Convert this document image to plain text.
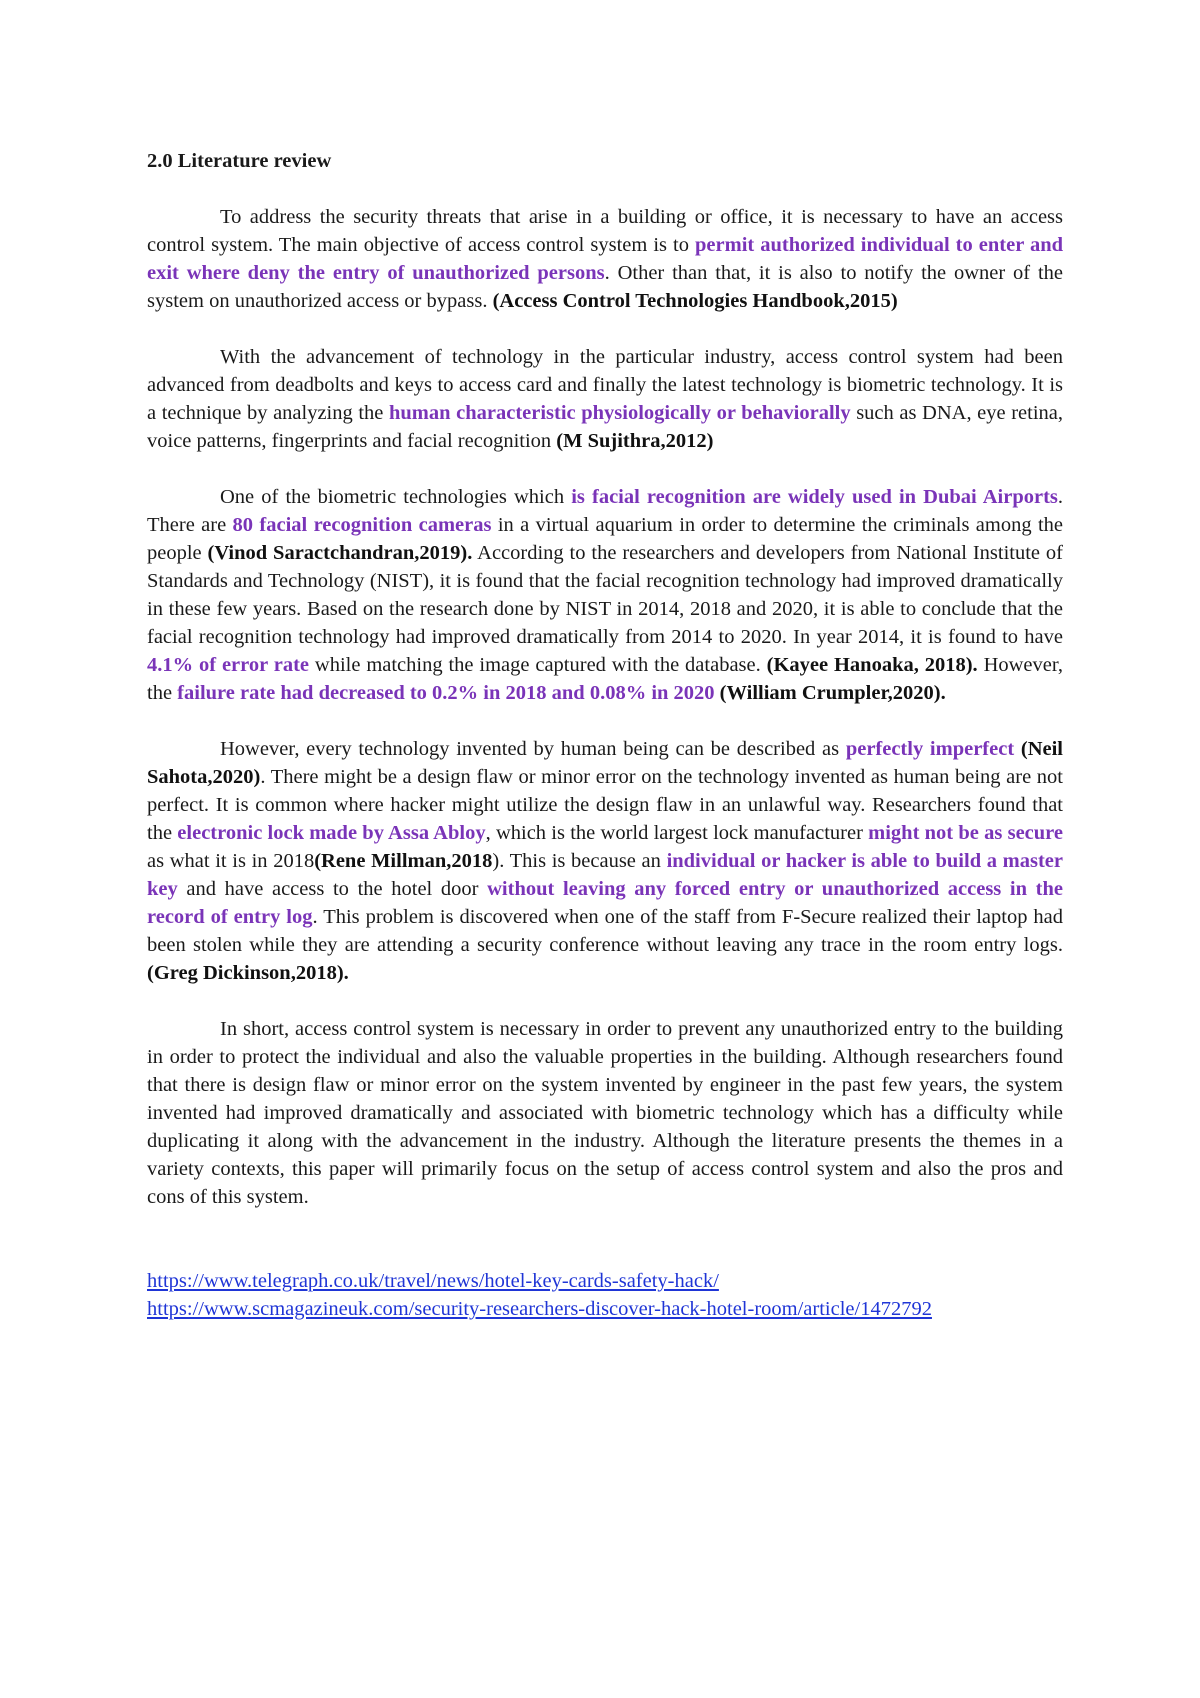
2.0 Literature review

To address the security threats that arise in a building or office, it is necessary to have an access control system. The main objective of access control system is to permit authorized individual to enter and exit where deny the entry of unauthorized persons. Other than that, it is also to notify the owner of the system on unauthorized access or bypass. (Access Control Technologies Handbook,2015)

With the advancement of technology in the particular industry, access control system had been advanced from deadbolts and keys to access card and finally the latest technology is biometric technology. It is a technique by analyzing the human characteristic physiologically or behaviorally such as DNA, eye retina, voice patterns, fingerprints and facial recognition (M Sujithra,2012)

One of the biometric technologies which is facial recognition are widely used in Dubai Airports. There are 80 facial recognition cameras in a virtual aquarium in order to determine the criminals among the people (Vinod Saractchandran,2019). According to the researchers and developers from National Institute of Standards and Technology (NIST), it is found that the facial recognition technology had improved dramatically in these few years. Based on the research done by NIST in 2014, 2018 and 2020, it is able to conclude that the facial recognition technology had improved dramatically from 2014 to 2020. In year 2014, it is found to have 4.1% of error rate while matching the image captured with the database. (Kayee Hanoaka, 2018). However, the failure rate had decreased to 0.2% in 2018 and 0.08% in 2020 (William Crumpler,2020).

However, every technology invented by human being can be described as perfectly imperfect (Neil Sahota,2020). There might be a design flaw or minor error on the technology invented as human being are not perfect. It is common where hacker might utilize the design flaw in an unlawful way. Researchers found that the electronic lock made by Assa Abloy, which is the world largest lock manufacturer might not be as secure as what it is in 2018(Rene Millman,2018). This is because an individual or hacker is able to build a master key and have access to the hotel door without leaving any forced entry or unauthorized access in the record of entry log. This problem is discovered when one of the staff from F-Secure realized their laptop had been stolen while they are attending a security conference without leaving any trace in the room entry logs. (Greg Dickinson,2018).

In short, access control system is necessary in order to prevent any unauthorized entry to the building in order to protect the individual and also the valuable properties in the building. Although researchers found that there is design flaw or minor error on the system invented by engineer in the past few years, the system invented had improved dramatically and associated with biometric technology which has a difficulty while duplicating it along with the advancement in the industry. Although the literature presents the themes in a variety contexts, this paper will primarily focus on the setup of access control system and also the pros and cons of this system.

https://www.telegraph.co.uk/travel/news/hotel-key-cards-safety-hack/
https://www.scmagazineuk.com/security-researchers-discover-hack-hotel-room/article/1472792
